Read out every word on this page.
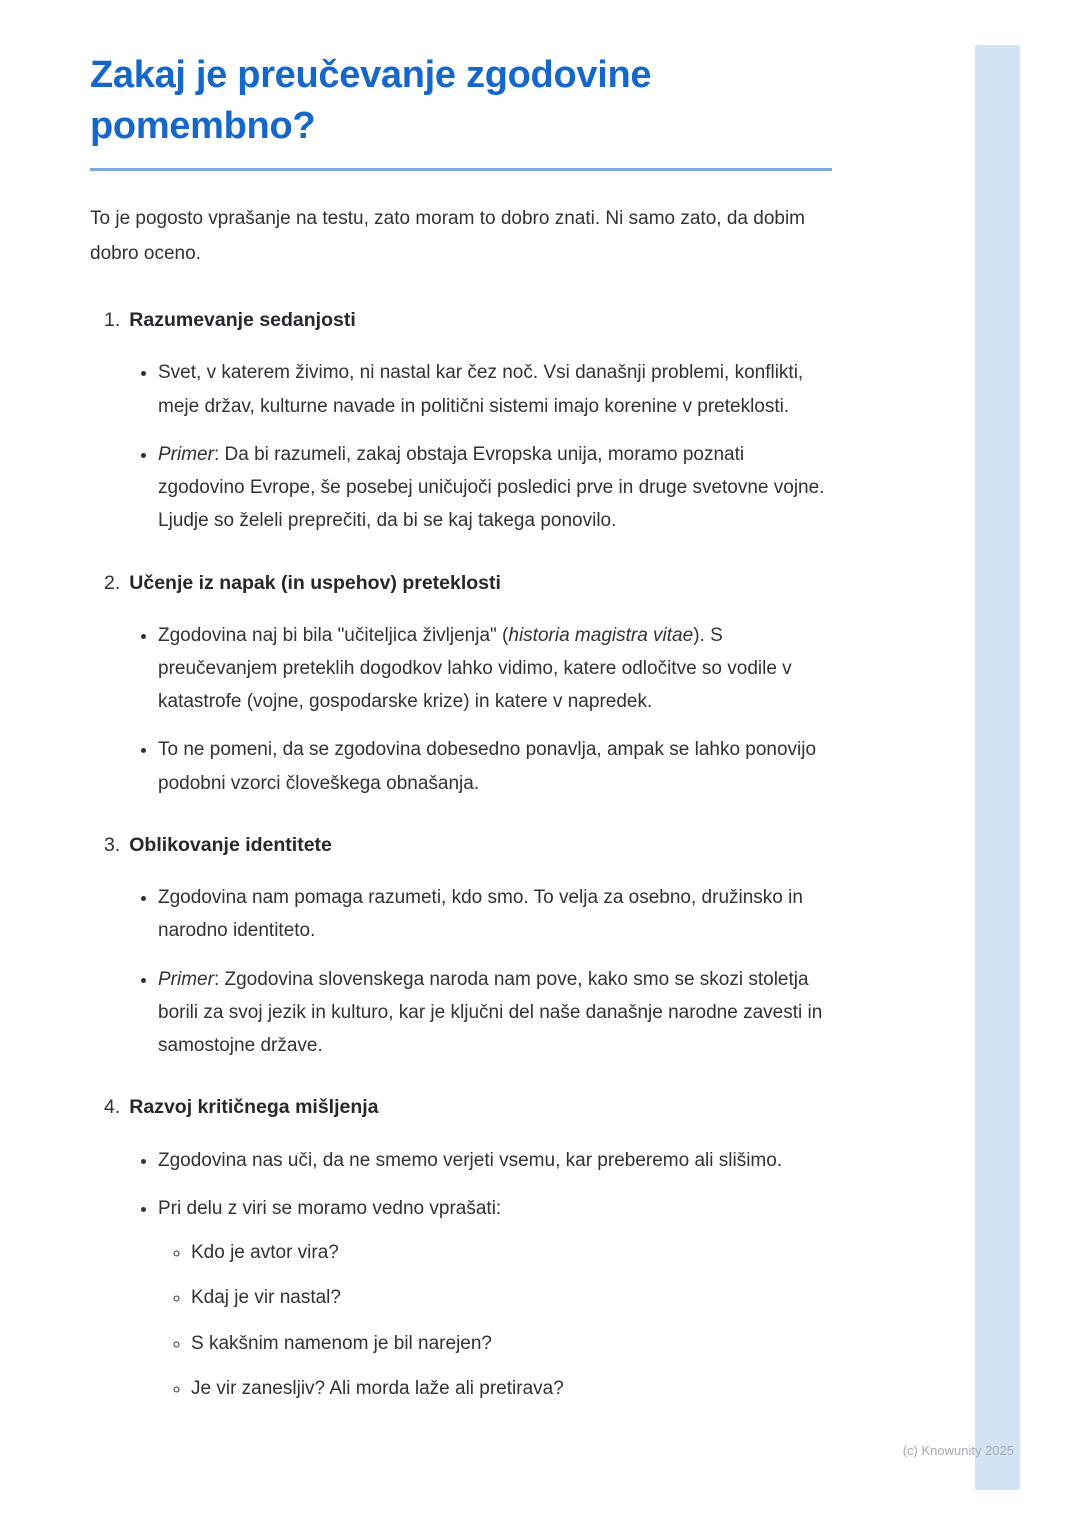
Zakaj je preučevanje zgodovine pomembno?

To je pogosto vprašanje na testu, zato moram to dobro znati. Ni samo zato, da dobim dobro oceno.

1. Razumevanje sedanjosti
• Svet, v katerem živimo, ni nastal kar čez noč. Vsi današnji problemi, konflikti, meje držav, kulturne navade in politični sistemi imajo korenine v preteklosti.
• Primer: Da bi razumeli, zakaj obstaja Evropska unija, moramo poznati zgodovino Evrope, še posebej uničujoči posledici prve in druge svetovne vojne. Ljudje so želeli preprečiti, da bi se kaj takega ponovilo.
2. Učenje iz napak (in uspehov) preteklosti
• Zgodovina naj bi bila "učiteljica življenja" (historia magistra vitae). S preučevanjem preteklih dogodkov lahko vidimo, katere odločitve so vodile v katastrofe (vojne, gospodarske krize) in katere v napredek.
• To ne pomeni, da se zgodovina dobesedno ponavlja, ampak se lahko ponovijo podobni vzorci človeškega obnašanja.
3. Oblikovanje identitete
• Zgodovina nam pomaga razumeti, kdo smo. To velja za osebno, družinsko in narodno identiteto.
• Primer: Zgodovina slovenskega naroda nam pove, kako smo se skozi stoletja borili za svoj jezik in kulturo, kar je ključni del naše današnje narodne zavesti in samostojne države.
4. Razvoj kritičnega mišljenja
• Zgodovina nas uči, da ne smemo verjeti vsemu, kar preberemo ali slišimo.
• Pri delu z viri se moramo vedno vprašati:
◦ Kdo je avtor vira?
◦ Kdaj je vir nastal?
◦ S kakšnim namenom je bil narejen?
◦ Je vir zanesljiv? Ali morda laže ali pretirava?
(c) Knowunity 2025
